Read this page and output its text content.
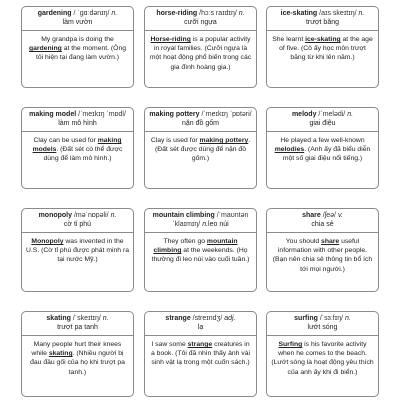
gardening / ˈɡɑːdənɪŋ/ n.
làm vườn
My grandpa is doing the gardening at the moment. (Ông tôi hiện tại đang làm vườn.)
horse-riding /hɔːs raɪdɪŋ/ n.
cưỡi ngựa
Horse-riding is a popular activity in royal families. (Cưỡi ngựa là một hoạt động phổ biến trong các gia đình hoàng gia.)
ice-skating /aɪs skeɪtɪŋ/ n.
trượt băng
She learnt ice-skating at the age of five. (Cô ấy học môn trượt băng từ khi lên năm.)
making model /ˈmeɪkɪŋ ˈmɒdl/
làm mô hình
Clay can be used for making models. (Đất sét có thể được dùng để làm mô hình.)
making pottery /ˈmeɪkɪŋ ˈpɒtəri/
nặn đồ gốm
Clay is used for making pottery. (Đất sét được dùng để nặn đồ gốm.)
melody /ˈmelədi/ n.
giai điệu
He played a few well-known melodies. (Anh ấy đã biểu diễn một số giai điệu nổi tiếng.)
monopoly /məˈnɒpəli/ n.
cờ tỉ phú
Monopoly was invented in the U.S. (Cờ tỉ phú được phát minh ra tại nước Mỹ.)
mountain climbing /ˈmaʊntən ˈklaɪmɪŋ/ n.leo núi
They often go mountain climbing at the weekends. (Họ thường đi leo núi vào cuối tuần.)
share /ʃeə/ v.
chia sẻ
You should share useful information with other people. (Bạn nên chia sẻ thông tin bổ ích tới mọi người.)
skating /ˈskeɪtɪŋ/ n.
trượt pa tanh
Many people hurt their knees while skating. (Nhiều người bị đau đầu gối của họ khi trượt pa tanh.)
strange /streɪndʒ/ adj.
lạ
I saw some strange creatures in a book. (Tôi đã nhìn thấy ảnh vài sinh vật lạ trong một cuốn sách.)
surfing /ˈsɜːfɪŋ/ n.
lướt sóng
Surfing is his favorite activity when he comes to the beach. (Lướt sóng là hoạt động yêu thích của anh ấy khi đi biển.)
